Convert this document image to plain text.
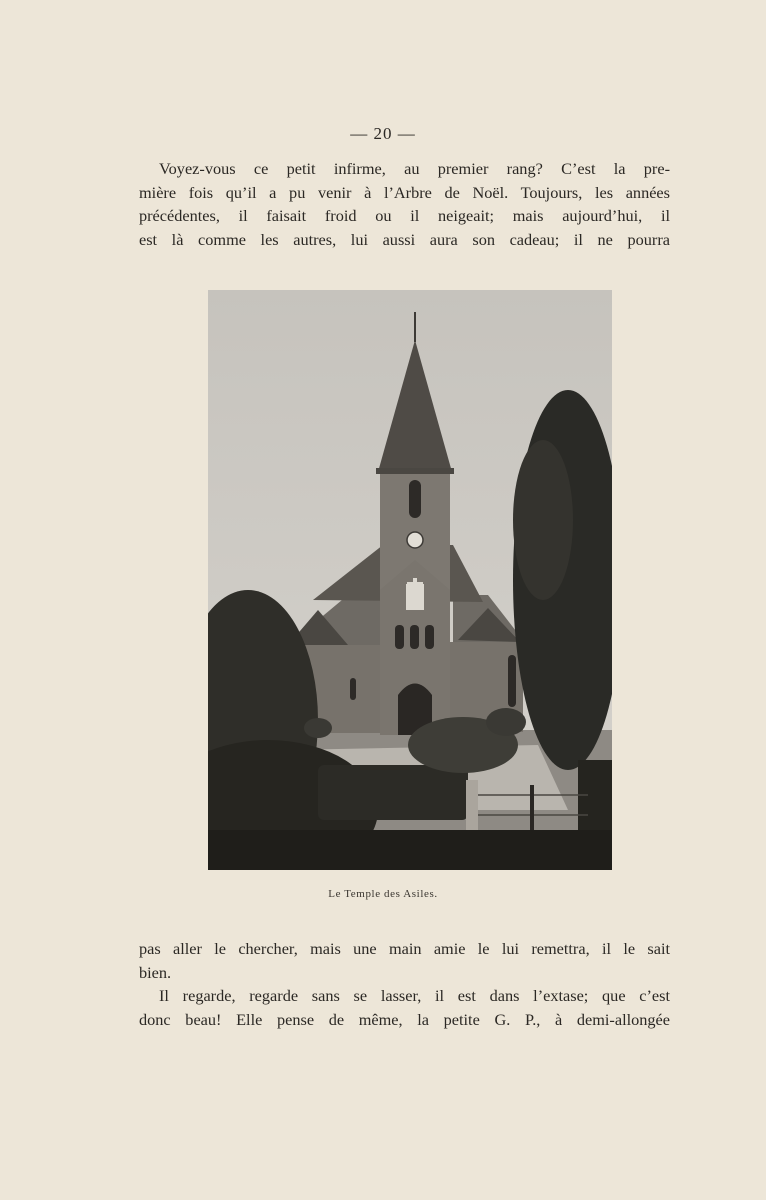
— 20 —
Voyez-vous ce petit infirme, au premier rang? C’est la pre-
mière fois qu’il a pu venir à l’Arbre de Noël. Toujours, les années
précédentes, il faisait froid ou il neigeait; mais aujourd’hui, il
est là comme les autres, lui aussi aura son cadeau; il ne pourra
Le Temple des Asiles.
pas aller le chercher, mais une main amie le lui remettra, il le sait
bien.
Il regarde, regarde sans se lasser, il est dans l’extase; que c’est
donc beau! Elle pense de même, la petite G. P., à demi-allongée
